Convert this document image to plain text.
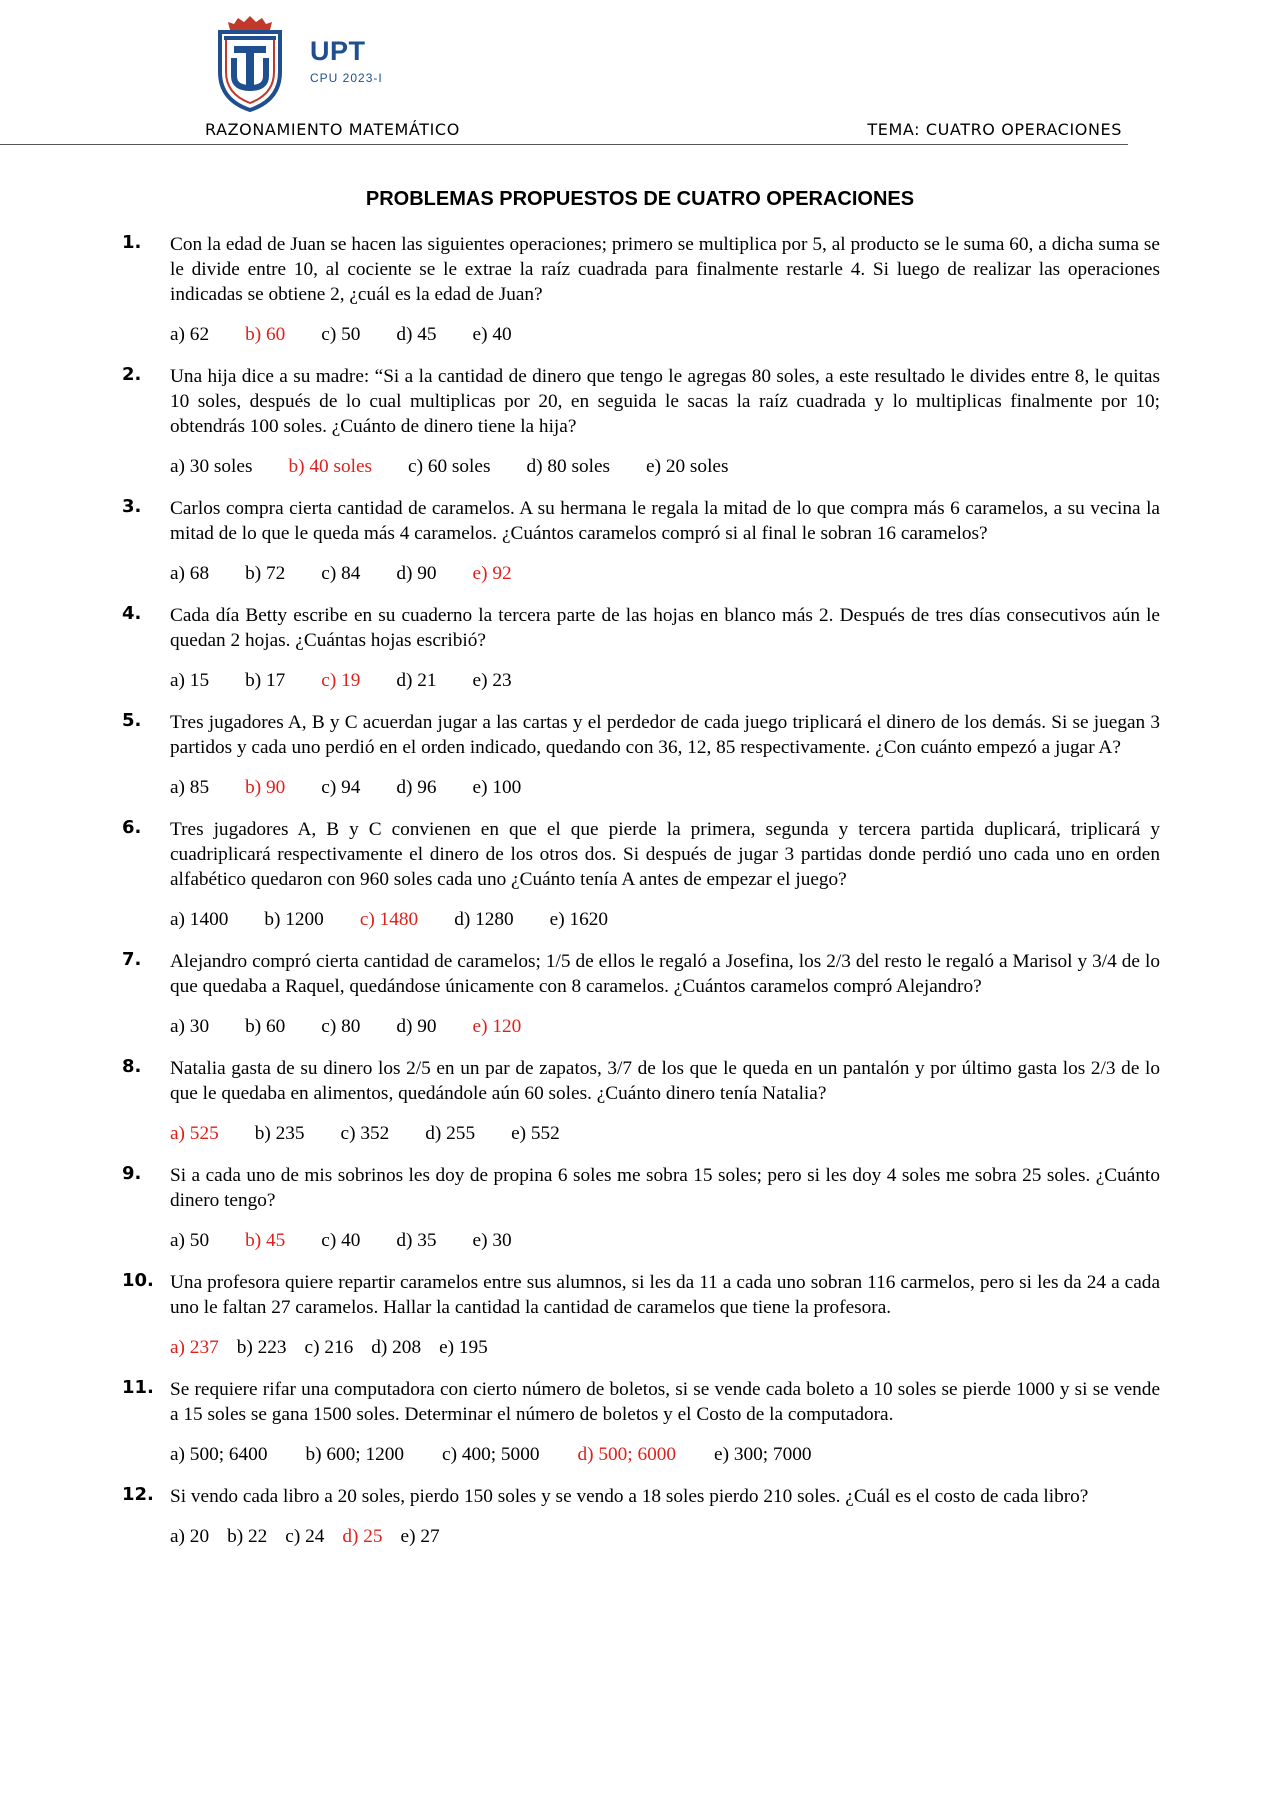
UPT
CPU 2023-I
RAZONAMIENTO MATEMÁTICO	TEMA: CUATRO OPERACIONES
PROBLEMAS PROPUESTOS DE CUATRO OPERACIONES
1. Con la edad de Juan se hacen las siguientes operaciones; primero se multiplica por 5, al producto se le suma 60, a dicha suma se le divide entre 10, al cociente se le extrae la raíz cuadrada para finalmente restarle 4. Si luego de realizar las operaciones indicadas se obtiene 2, ¿cuál es la edad de Juan?
a) 62 b) 60 c) 50 d) 45 e) 40
2. Una hija dice a su madre: “Si a la cantidad de dinero que tengo le agregas 80 soles, a este resultado le divides entre 8, le quitas 10 soles, después de lo cual multiplicas por 20, en seguida le sacas la raíz cuadrada y lo multiplicas finalmente por 10; obtendrás 100 soles. ¿Cuánto de dinero tiene la hija?
a) 30 soles b) 40 soles c) 60 soles d) 80 soles e) 20 soles
3. Carlos compra cierta cantidad de caramelos. A su hermana le regala la mitad de lo que compra más 6 caramelos, a su vecina la mitad de lo que le queda más 4 caramelos. ¿Cuántos caramelos compró si al final le sobran 16 caramelos?
a) 68 b) 72 c) 84 d) 90 e) 92
4. Cada día Betty escribe en su cuaderno la tercera parte de las hojas en blanco más 2. Después de tres días consecutivos aún le quedan 2 hojas. ¿Cuántas hojas escribió?
a) 15 b) 17 c) 19 d) 21 e) 23
5. Tres jugadores A, B y C acuerdan jugar a las cartas y el perdedor de cada juego triplicará el dinero de los demás. Si se juegan 3 partidos y cada uno perdió en el orden indicado, quedando con 36, 12, 85 respectivamente. ¿Con cuánto empezó a jugar A?
a) 85 b) 90 c) 94 d) 96 e) 100
6. Tres jugadores A, B y C convienen en que el que pierde la primera, segunda y tercera partida duplicará, triplicará y cuadriplicará respectivamente el dinero de los otros dos. Si después de jugar 3 partidas donde perdió uno cada uno en orden alfabético quedaron con 960 soles cada uno ¿Cuánto tenía A antes de empezar el juego?
a) 1400 b) 1200 c) 1480 d) 1280 e) 1620
7. Alejandro compró cierta cantidad de caramelos; 1/5 de ellos le regaló a Josefina, los 2/3 del resto le regaló a Marisol y 3/4 de lo que quedaba a Raquel, quedándose únicamente con 8 caramelos. ¿Cuántos caramelos compró Alejandro?
a) 30 b) 60 c) 80 d) 90 e) 120
8. Natalia gasta de su dinero los 2/5 en un par de zapatos, 3/7 de los que le queda en un pantalón y por último gasta los 2/3 de lo que le quedaba en alimentos, quedándole aún 60 soles. ¿Cuánto dinero tenía Natalia?
a) 525 b) 235 c) 352 d) 255 e) 552
9. Si a cada uno de mis sobrinos les doy de propina 6 soles me sobra 15 soles; pero si les doy 4 soles me sobra 25 soles. ¿Cuánto dinero tengo?
a) 50 b) 45 c) 40 d) 35 e) 30
10. Una profesora quiere repartir caramelos entre sus alumnos, si les da 11 a cada uno sobran 116 carmelos, pero si les da 24 a cada uno le faltan 27 caramelos. Hallar la cantidad la cantidad de caramelos que tiene la profesora.
a) 237 b) 223 c) 216 d) 208 e) 195
11. Se requiere rifar una computadora con cierto número de boletos, si se vende cada boleto a 10 soles se pierde 1000 y si se vende a 15 soles se gana 1500 soles. Determinar el número de boletos y el Costo de la computadora.
a) 500; 6400 b) 600; 1200 c) 400; 5000 d) 500; 6000 e) 300; 7000
12. Si vendo cada libro a 20 soles, pierdo 150 soles y se vendo a 18 soles pierdo 210 soles. ¿Cuál es el costo de cada libro?
a) 20 b) 22 c) 24 d) 25 e) 27
